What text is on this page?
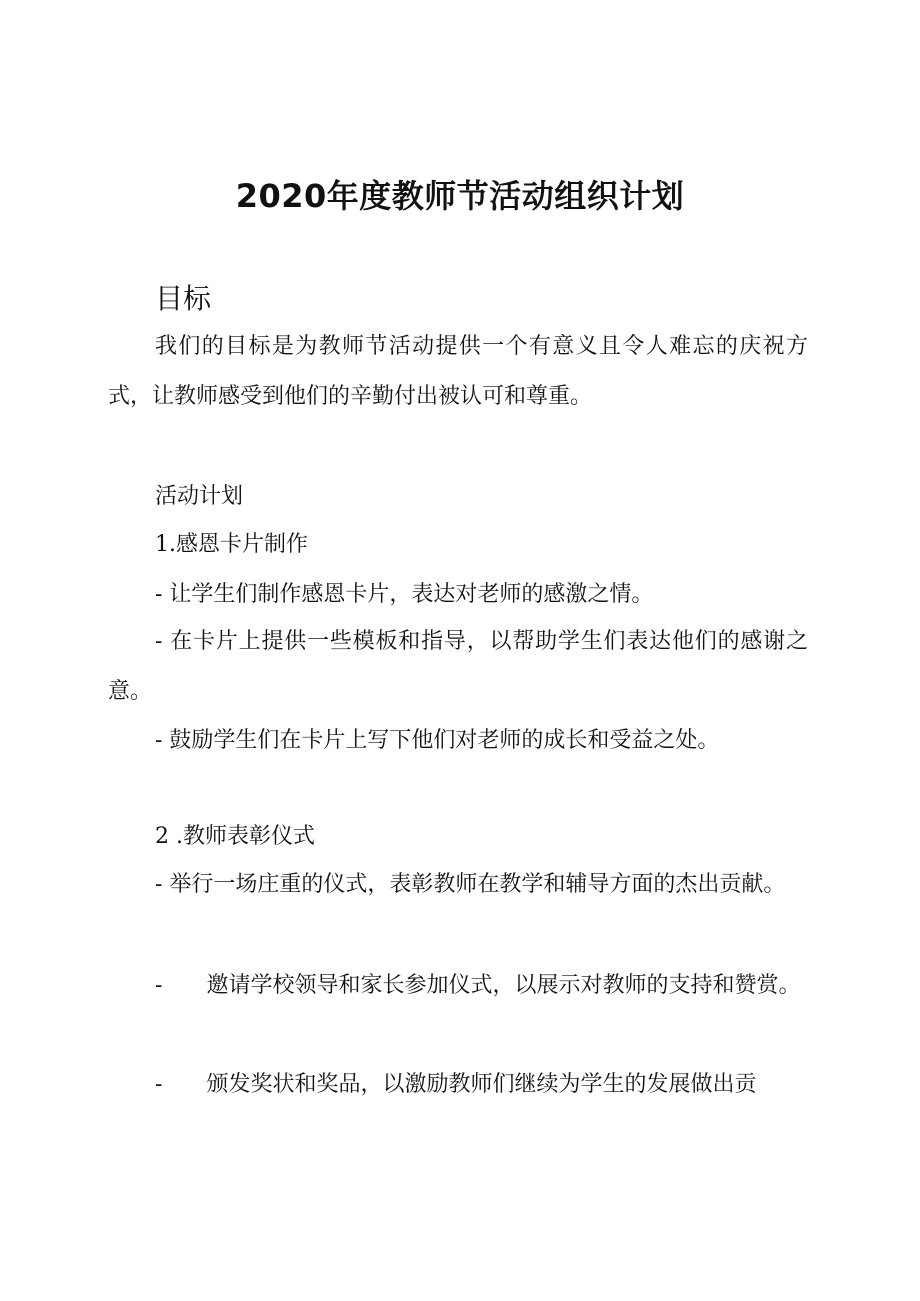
2020年度教师节活动组织计划
目标
我们的目标是为教师节活动提供一个有意义且令人难忘的庆祝方式，让教师感受到他们的辛勤付出被认可和尊重。
活动计划
1.感恩卡片制作
- 让学生们制作感恩卡片，表达对老师的感激之情。
- 在卡片上提供一些模板和指导，以帮助学生们表达他们的感谢之意。
- 鼓励学生们在卡片上写下他们对老师的成长和受益之处。
2 .教师表彰仪式
- 举行一场庄重的仪式，表彰教师在教学和辅导方面的杰出贡献。
- 邀请学校领导和家长参加仪式，以展示对教师的支持和赞赏。
- 颁发奖状和奖品，以激励教师们继续为学生的发展做出贡
